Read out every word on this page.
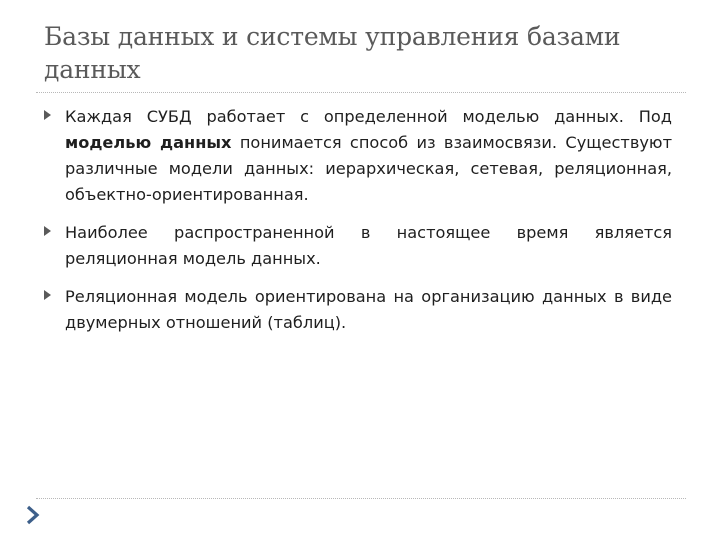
Базы данных и системы управления базами данных

Каждая СУБД работает с определенной моделью данных. Под моделью данных понимается способ из взаимосвязи. Существуют различные модели данных: иерархическая, сетевая, реляционная, объектно-ориентированная.

Наиболее распространенной в настоящее время является реляционная модель данных.

Реляционная модель ориентирована на организацию данных в виде двумерных отношений (таблиц).
